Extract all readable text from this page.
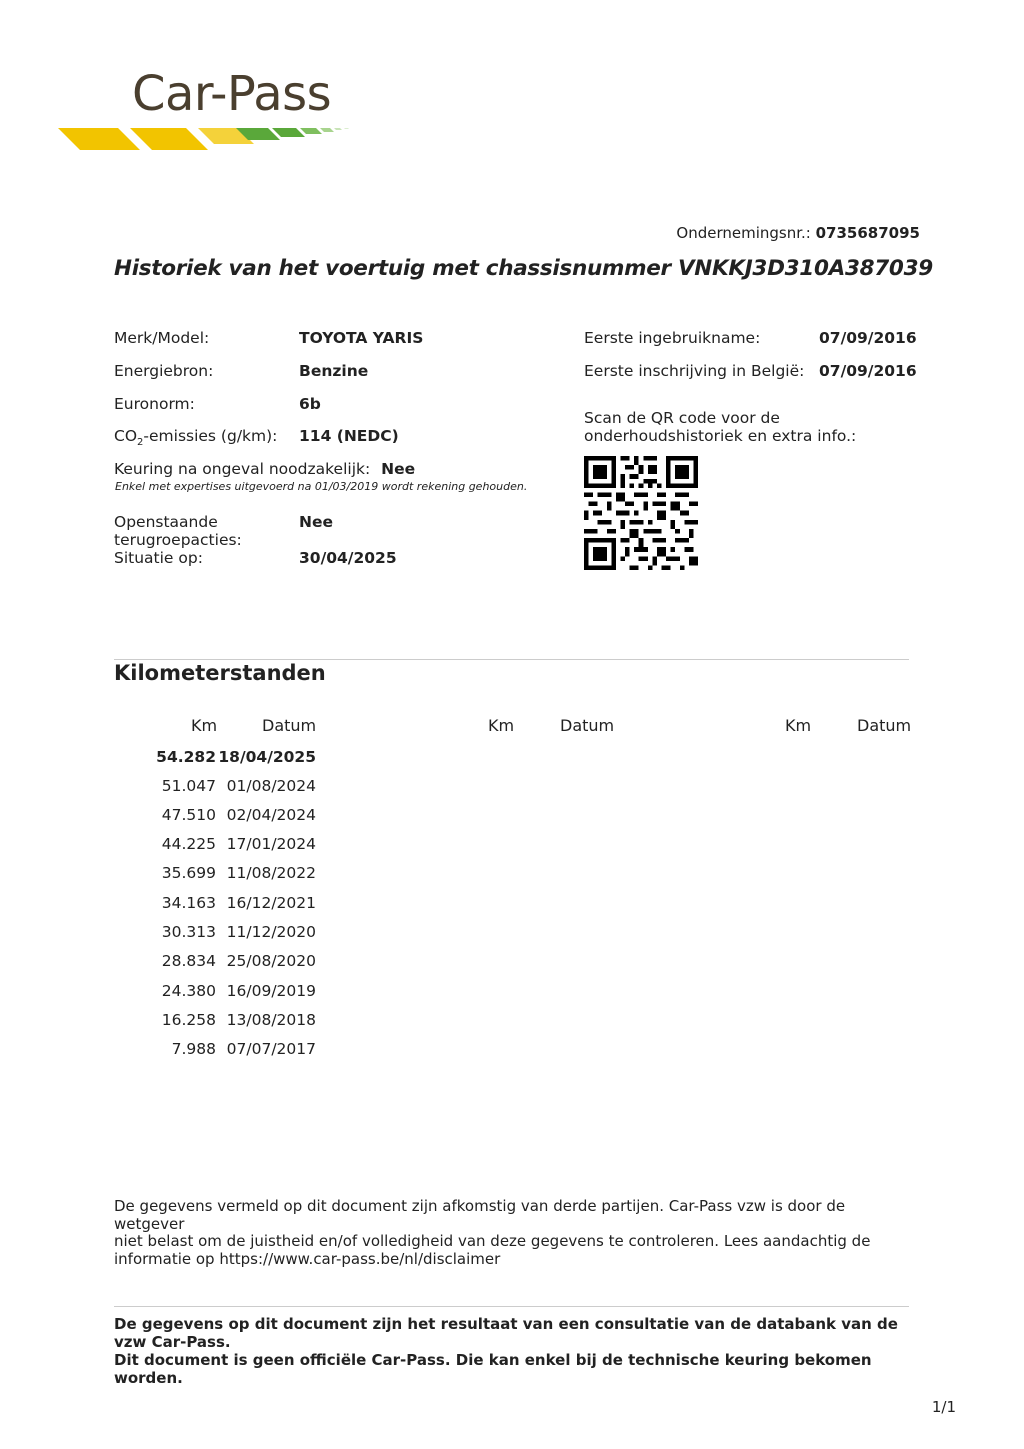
Car-Pass
Ondernemingsnr.: 0735687095
Historiek van het voertuig met chassisnummer VNKKJ3D310A387039
Merk/Model:	TOYOTA YARIS
Energiebron:	Benzine
Euronorm:	6b
$CO_2$-emissies (g/km): 114 (NEDC)
Keuring na ongeval noodzakelijk: Nee
Enkel met expertises uitgevoerd na 01/03/2019 wordt rekening gehouden.
Openstaande
terugroepacties:
Nee
Situatie op:	30/04/2025
Eerste ingebruikname:	07/09/2016
Eerste inschrijving in België: 07/09/2016
Scan de QR code voor de
onderhoudshistoriek en extra info.:
Kilometerstanden
Km	Datum	Km	Datum	Km	Datum
54.282 18/04/2025
51.047 01/08/2024
47.510 02/04/2024
44.225 17/01/2024
35.699 11/08/2022
34.163 16/12/2021
30.313 11/12/2020
28.834 25/08/2020
24.380 16/09/2019
16.258 13/08/2018
7.988 07/07/2017
De gegevens vermeld op dit document zijn afkomstig van derde partijen. Car-Pass vzw is door de wetgever
niet belast om de juistheid en/of volledigheid van deze gegevens te controleren. Lees aandachtig de
informatie op https://www.car-pass.be/nl/disclaimer
De gegevens op dit document zijn het resultaat van een consultatie van de databank van de vzw Car-Pass.
Dit document is geen officiële Car-Pass. Die kan enkel bij de technische keuring bekomen worden.
1/1
